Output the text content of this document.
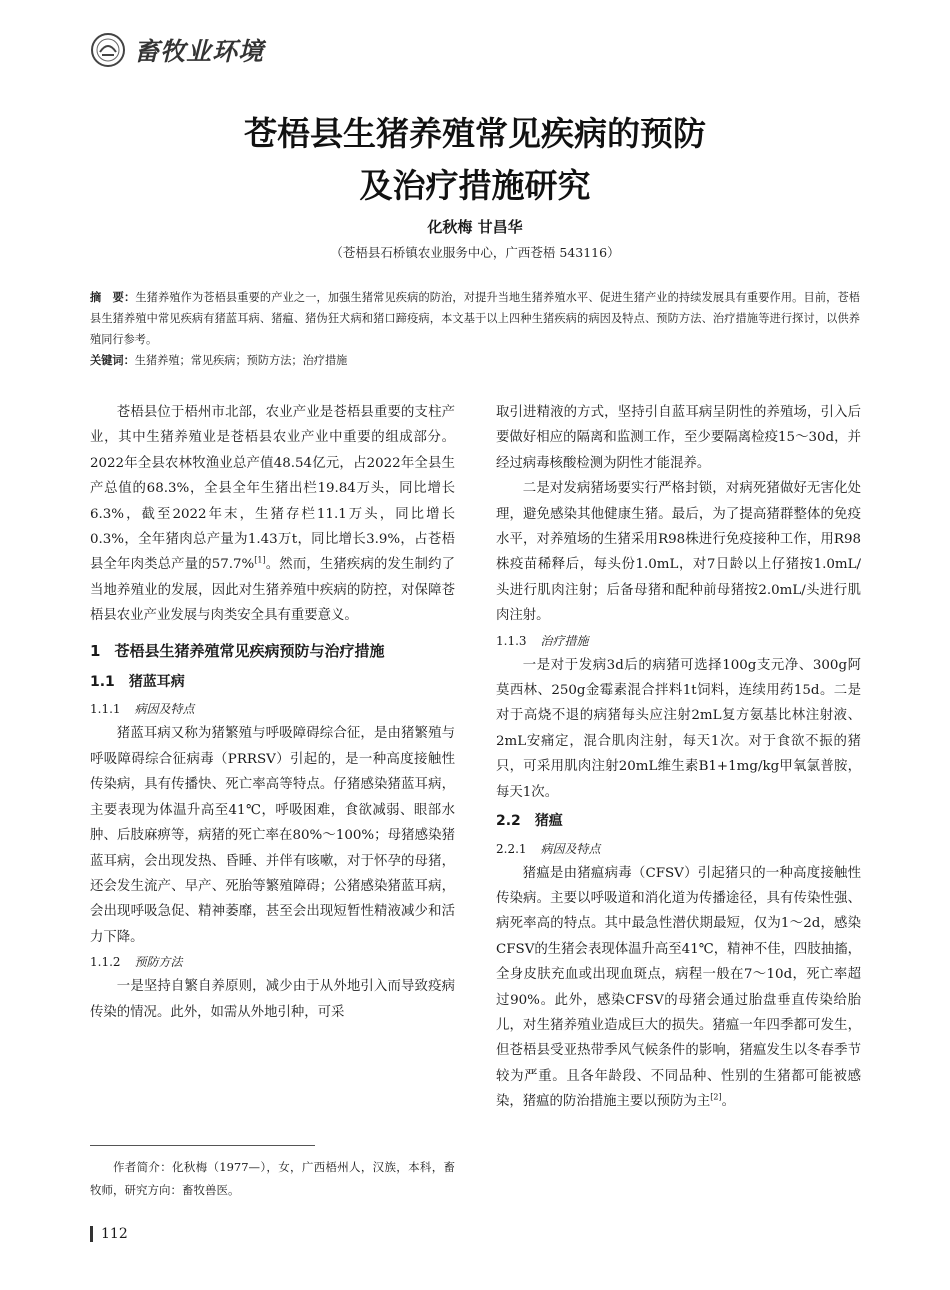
畜牧业环境
苍梧县生猪养殖常见疾病的预防
及治疗措施研究
化秋梅 甘昌华
（苍梧县石桥镇农业服务中心，广西苍梧 543116）
摘　要：生猪养殖作为苍梧县重要的产业之一，加强生猪常见疾病的防治，对提升当地生猪养殖水平、促进生猪产业的持续发展具有重要作用。目前，苍梧县生猪养殖中常见疾病有猪蓝耳病、猪瘟、猪伪狂犬病和猪口蹄疫病，本文基于以上四种生猪疾病的病因及特点、预防方法、治疗措施等进行探讨，以供养殖同行参考。
关键词：生猪养殖；常见疾病；预防方法；治疗措施

苍梧县位于梧州市北部，农业产业是苍梧县重要的支柱产业，其中生猪养殖业是苍梧县农业产业中重要的组成部分。2022年全县农林牧渔业总产值48.54亿元，占2022年全县生产总值的68.3%，全县全年生猪出栏19.84万头，同比增长6.3%，截至2022年末，生猪存栏11.1万头，同比增长0.3%，全年猪肉总产量为1.43万t，同比增长3.9%，占苍梧县全年肉类总产量的57.7%[1]。然而，生猪疾病的发生制约了当地养殖业的发展，因此对生猪养殖中疾病的防控，对保障苍梧县农业产业发展与肉类安全具有重要意义。

1 苍梧县生猪养殖常见疾病预防与治疗措施
1.1 猪蓝耳病
1.1.1 病因及特点

猪蓝耳病又称为猪繁殖与呼吸障碍综合征，是由猪繁殖与呼吸障碍综合征病毒（PRRSV）引起的，是一种高度接触性传染病，具有传播快、死亡率高等特点。仔猪感染猪蓝耳病，主要表现为体温升高至41℃，呼吸困难，食欲减弱、眼部水肿、后肢麻痹等，病猪的死亡率在80%～100%；母猪感染猪蓝耳病，会出现发热、昏睡、并伴有咳嗽，对于怀孕的母猪，还会发生流产、早产、死胎等繁殖障碍；公猪感染猪蓝耳病，会出现呼吸急促、精神萎靡，甚至会出现短暂性精液减少和活力下降。

1.1.2 预防方法

一是坚持自繁自养原则，减少由于从外地引入而导致疫病传染的情况。此外，如需从外地引种，可采

取引进精液的方式，坚持引自蓝耳病呈阴性的养殖场，引入后要做好相应的隔离和监测工作，至少要隔离检疫15～30d，并经过病毒核酸检测为阴性才能混养。

二是对发病猪场要实行严格封锁，对病死猪做好无害化处理，避免感染其他健康生猪。最后，为了提高猪群整体的免疫水平，对养殖场的生猪采用R98株进行免疫接种工作，用R98株疫苗稀释后，每头份1.0mL，对7日龄以上仔猪按1.0mL/头进行肌肉注射；后备母猪和配种前母猪按2.0mL/头进行肌肉注射。

1.1.3 治疗措施

一是对于发病3d后的病猪可选择100g支元净、300g阿莫西林、250g金霉素混合拌料1t饲料，连续用药15d。二是对于高烧不退的病猪每头应注射2mL复方氨基比林注射液、2mL安痛定，混合肌肉注射，每天1次。对于食欲不振的猪只，可采用肌肉注射20mL维生素B1+1mg/kg甲氧氯普胺，每天1次。

2.2 猪瘟
2.2.1 病因及特点

猪瘟是由猪瘟病毒（CFSV）引起猪只的一种高度接触性传染病。主要以呼吸道和消化道为传播途径，具有传染性强、病死率高的特点。其中最急性潜伏期最短，仅为1～2d，感染CFSV的生猪会表现体温升高至41℃，精神不佳，四肢抽搐，全身皮肤充血或出现血斑点，病程一般在7～10d，死亡率超过90%。此外，感染CFSV的母猪会通过胎盘垂直传染给胎儿，对生猪养殖业造成巨大的损失。猪瘟一年四季都可发生，但苍梧县受亚热带季风气候条件的影响，猪瘟发生以冬春季节较为严重。且各年龄段、不同品种、性别的生猪都可能被感染，猪瘟的防治措施主要以预防为主[2]。

作者简介：化秋梅（1977—），女，广西梧州人，汉族，本科，畜牧师，研究方向：畜牧兽医。
112
